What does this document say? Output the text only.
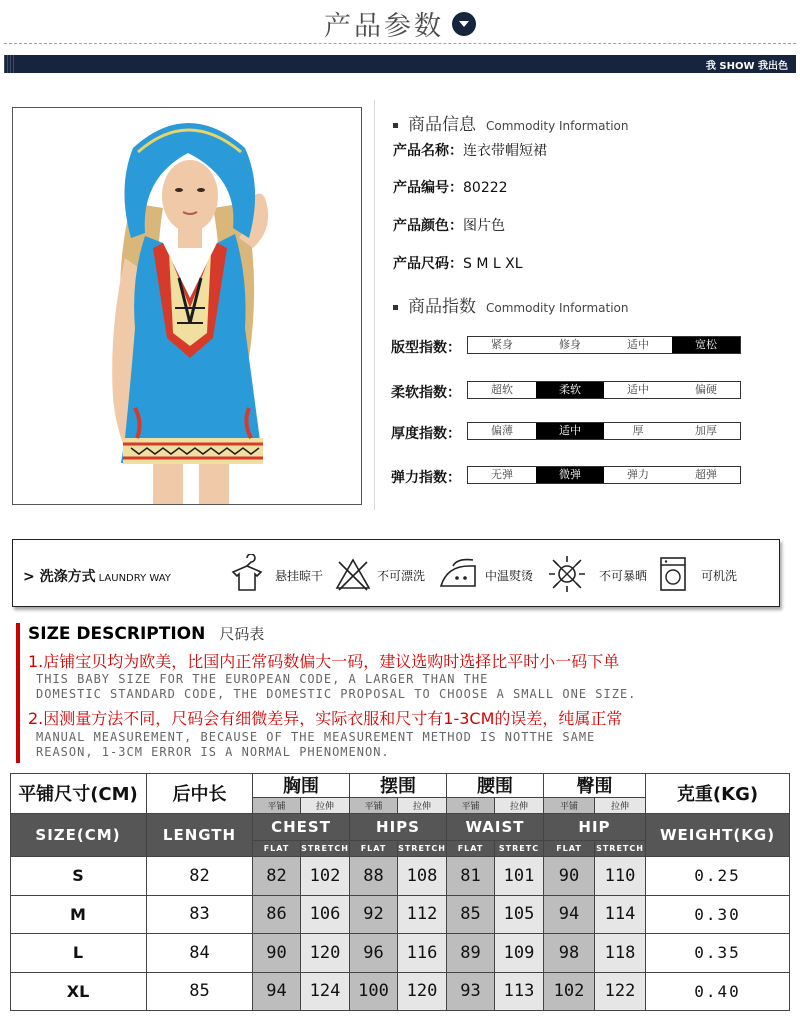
产品参数
我 SHOW 我出色
商品信息 Commodity Information
产品名称：连衣带帽短裙
产品编号：80222
产品颜色：图片色
产品尺码：S M L XL
商品指数 Commodity Information
版型指数：	紧身	修身	适中	宽松
柔软指数：	超软	柔软	适中	偏硬
厚度指数：	偏薄	适中	厚	加厚
弹力指数：	无弹	微弹	弹力	超弹
> 洗涤方式 LAUNDRY WAY	悬挂晾干	不可漂洗	中温熨烫	不可暴晒	可机洗
SIZE DESCRIPTION 尺码表
1.店铺宝贝均为欧美，比国内正常码数偏大一码，建议选购时选择比平时小一码下单
THIS BABY SIZE FOR THE EUROPEAN CODE, A LARGER THAN THE
DOMESTIC STANDARD CODE, THE DOMESTIC PROPOSAL TO CHOOSE A SMALL ONE SIZE.
2.因测量方法不同，尺码会有细微差异，实际衣服和尺寸有1-3CM的误差，纯属正常
MANUAL MEASUREMENT, BECAUSE OF THE MEASUREMENT METHOD IS NOTTHE SAME
REASON, 1-3CM ERROR IS A NORMAL PHENOMENON.
平铺尺寸(CM)	后中长	胸围	摆围	腰围	臀围
平铺	拉伸	平铺	拉伸	平铺	拉伸	平铺	拉伸
克重(KG)
SIZE(CM)	LENGTH	CHEST	HIPS	WAIST	HIP
FLAT	STRETCH	FLAT	STRETCH	FLAT	STRETC	FLAT	STRETCH
WEIGHT(KG)
S	82	82	102	88	108	81	101	90	110	0.25
M	83	86	106	92	112	85	105	94	114	0.30
L	84	90	120	96	116	89	109	98	118	0.35
XL	85	94	124	100	120	93	113	102	122	0.40
